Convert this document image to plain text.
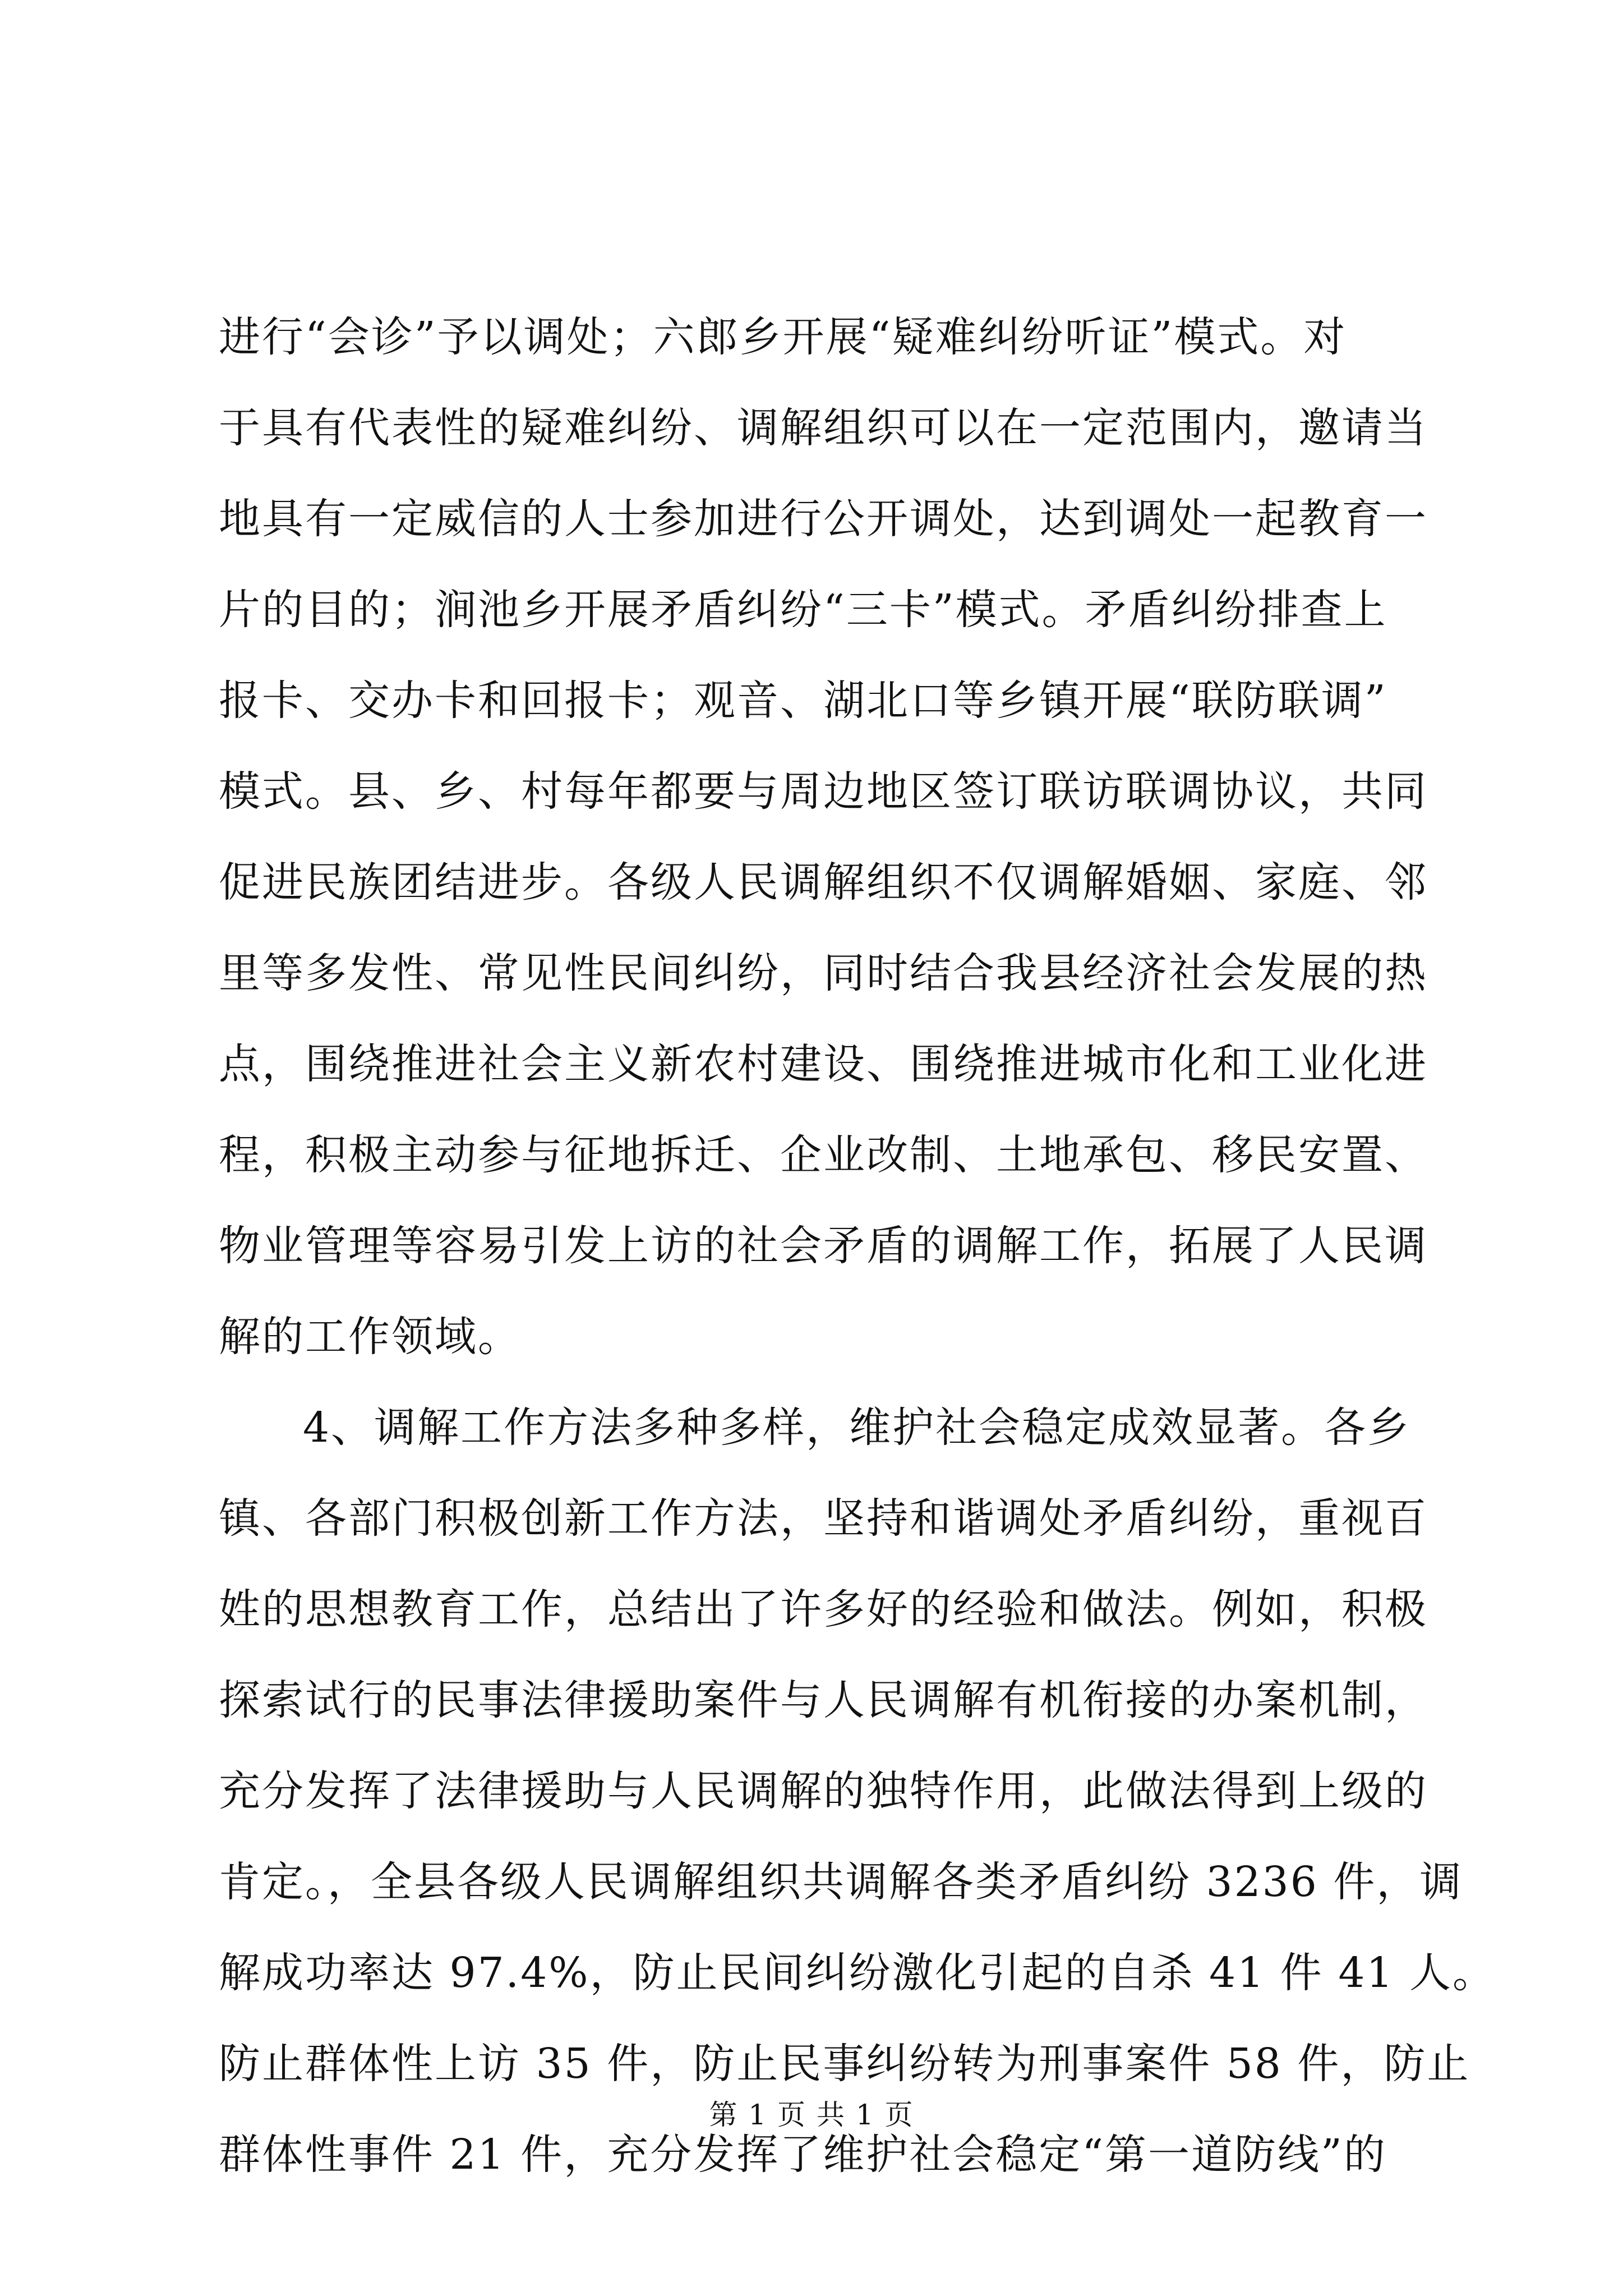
进行“会诊”予以调处；六郎乡开展“疑难纠纷听证”模式。对
于具有代表性的疑难纠纷、调解组织可以在一定范围内，邀请当
地具有一定威信的人士参加进行公开调处，达到调处一起教育一
片的目的；涧池乡开展矛盾纠纷“三卡”模式。矛盾纠纷排查上
报卡、交办卡和回报卡；观音、湖北口等乡镇开展“联防联调”
模式。县、乡、村每年都要与周边地区签订联访联调协议，共同
促进民族团结进步。各级人民调解组织不仅调解婚姻、家庭、邻
里等多发性、常见性民间纠纷，同时结合我县经济社会发展的热
点，围绕推进社会主义新农村建设、围绕推进城市化和工业化进
程，积极主动参与征地拆迁、企业改制、土地承包、移民安置、
物业管理等容易引发上访的社会矛盾的调解工作，拓展了人民调
解的工作领域。
4、调解工作方法多种多样，维护社会稳定成效显著。各乡
镇、各部门积极创新工作方法，坚持和谐调处矛盾纠纷，重视百
姓的思想教育工作，总结出了许多好的经验和做法。例如，积极
探索试行的民事法律援助案件与人民调解有机衔接的办案机制，
充分发挥了法律援助与人民调解的独特作用，此做法得到上级的
肯定。，全县各级人民调解组织共调解各类矛盾纠纷 3236 件，调
解成功率达 97.4%，防止民间纠纷激化引起的自杀 41 件 41 人。
防止群体性上访 35 件，防止民事纠纷转为刑事案件 58 件，防止
群体性事件 21 件，充分发挥了维护社会稳定“第一道防线”的
第 1 页 共 1 页
